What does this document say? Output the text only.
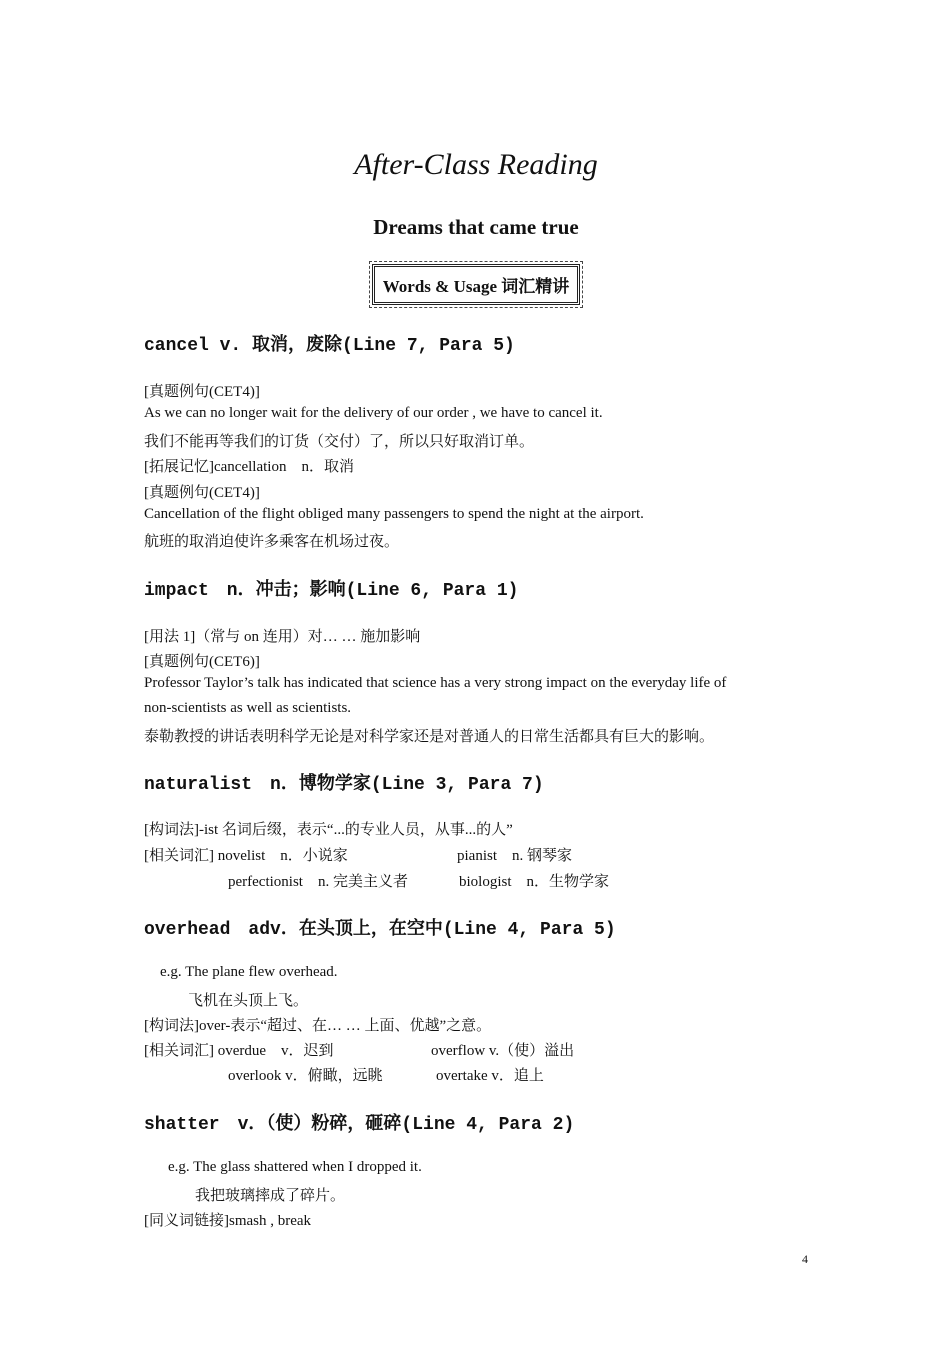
After-Class Reading
Dreams that came true
Words & Usage 词汇精讲
cancel v. 取消，废除(Line 7, Para 5)
[真题例句(CET4)]
As we can no longer wait for the delivery of our order , we have to cancel it.
我们不能再等我们的订货（交付）了，所以只好取消订单。
[拓展记忆]cancellation　n．取消
[真题例句(CET4)]
Cancellation of the flight obliged many passengers to spend the night at the airport.
航班的取消迫使许多乘客在机场过夜。
impact　n．冲击；影响(Line 6, Para 1)
[用法 1]（常与 on 连用）对… … 施加影响
[真题例句(CET6)]
Professor Taylor’s talk has indicated that science has a very strong impact on the everyday life of
non-scientists as well as scientists.
泰勒教授的讲话表明科学无论是对科学家还是对普通人的日常生活都具有巨大的影响。
naturalist　n．博物学家(Line 3, Para 7)
[构词法]-ist 名词后缀，表示“...的专业人员，从事...的人”
[相关词汇] novelist　n．小说家	pianist　n. 钢琴家
perfectionist　n. 完美主义者	biologist　n．生物学家
overhead　adv．在头顶上，在空中(Line 4, Para 5)
e.g. The plane flew overhead.
飞机在头顶上飞。
[构词法]over-表示“超过、在… … 上面、优越”之意。
[相关词汇] overdue　v．迟到	overflow v.（使）溢出
overlook v．俯瞰，远眺	overtake v．追上
shatter　v．（使）粉碎，砸碎(Line 4, Para 2)
e.g. The glass shattered when I dropped it.
我把玻璃摔成了碎片。
[同义词链接]smash , break
4
